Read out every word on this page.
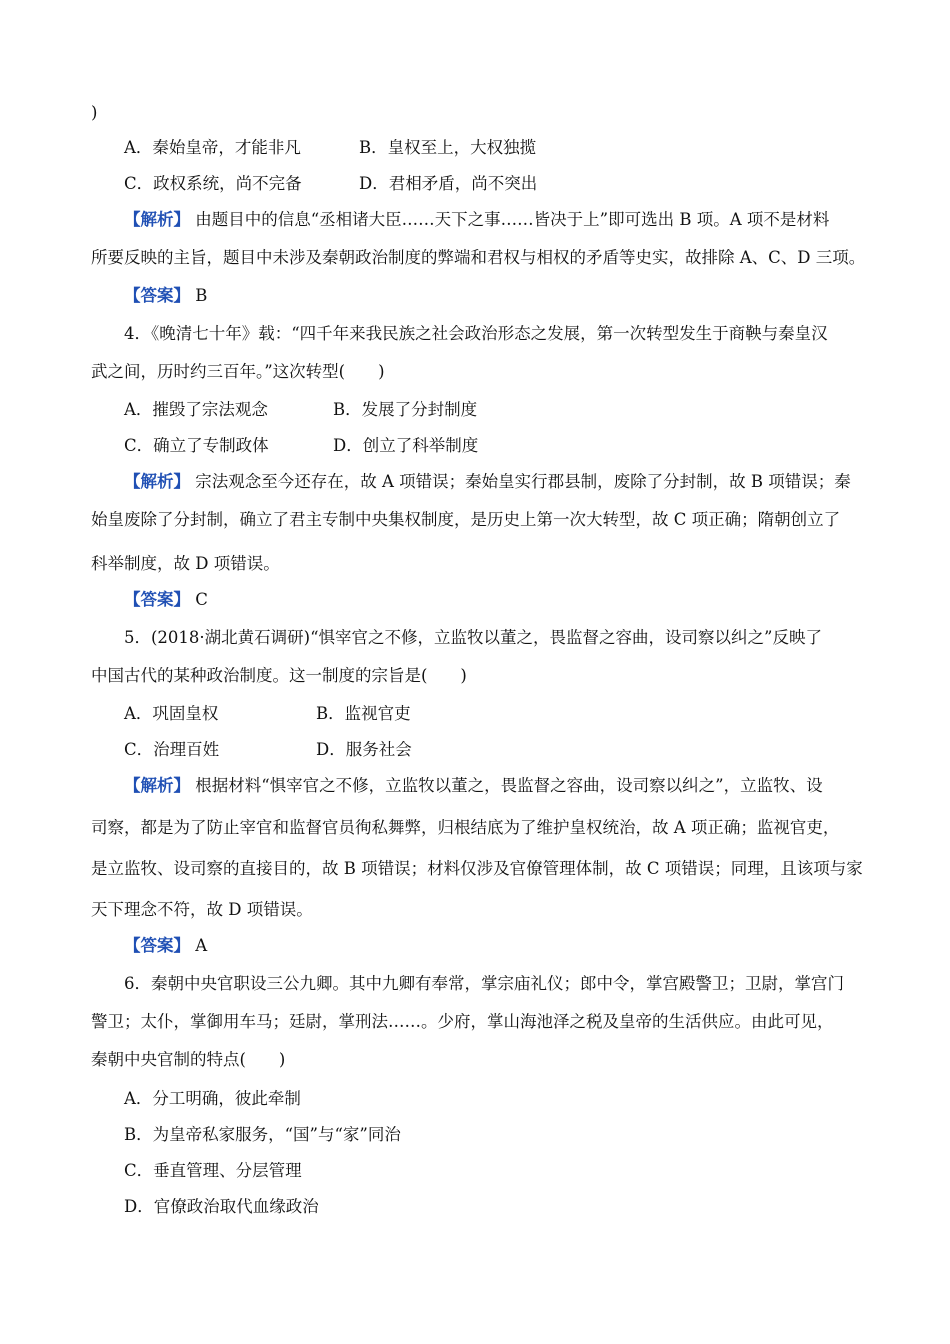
)
A．秦始皇帝，才能非凡	B．皇权至上，大权独揽
C．政权系统，尚不完备	D．君相矛盾，尚不突出
【解析】 由题目中的信息“丞相诸大臣……天下之事……皆决于上”即可选出 B 项。A 项不是材料
所要反映的主旨，题目中未涉及秦朝政治制度的弊端和君权与相权的矛盾等史实，故排除 A、C、D 三项。
【答案】 B
4．《晚清七十年》载：“四千年来我民族之社会政治形态之发展，第一次转型发生于商鞅与秦皇汉
武之间，历时约三百年。”这次转型(　　)
A．摧毁了宗法观念	B．发展了分封制度
C．确立了专制政体	D．创立了科举制度
【解析】 宗法观念至今还存在，故 A 项错误；秦始皇实行郡县制，废除了分封制，故 B 项错误；秦
始皇废除了分封制，确立了君主专制中央集权制度，是历史上第一次大转型，故 C 项正确；隋朝创立了
科举制度，故 D 项错误。
【答案】 C
5．(2018·湖北黄石调研)“惧宰官之不修，立监牧以董之，畏监督之容曲，设司察以纠之”反映了
中国古代的某种政治制度。这一制度的宗旨是(　　)
A．巩固皇权	B．监视官吏
C．治理百姓	D．服务社会
【解析】 根据材料“惧宰官之不修，立监牧以董之，畏监督之容曲，设司察以纠之”，立监牧、设
司察，都是为了防止宰官和监督官员徇私舞弊，归根结底为了维护皇权统治，故 A 项正确；监视官吏，
是立监牧、设司察的直接目的，故 B 项错误；材料仅涉及官僚管理体制，故 C 项错误；同理，且该项与家
天下理念不符，故 D 项错误。
【答案】 A
6．秦朝中央官职设三公九卿。其中九卿有奉常，掌宗庙礼仪；郎中令，掌宫殿警卫；卫尉，掌宫门
警卫；太仆，掌御用车马；廷尉，掌刑法……。少府，掌山海池泽之税及皇帝的生活供应。由此可见，
秦朝中央官制的特点(　　)
A．分工明确，彼此牵制
B．为皇帝私家服务，“国”与“家”同治
C．垂直管理、分层管理
D．官僚政治取代血缘政治
